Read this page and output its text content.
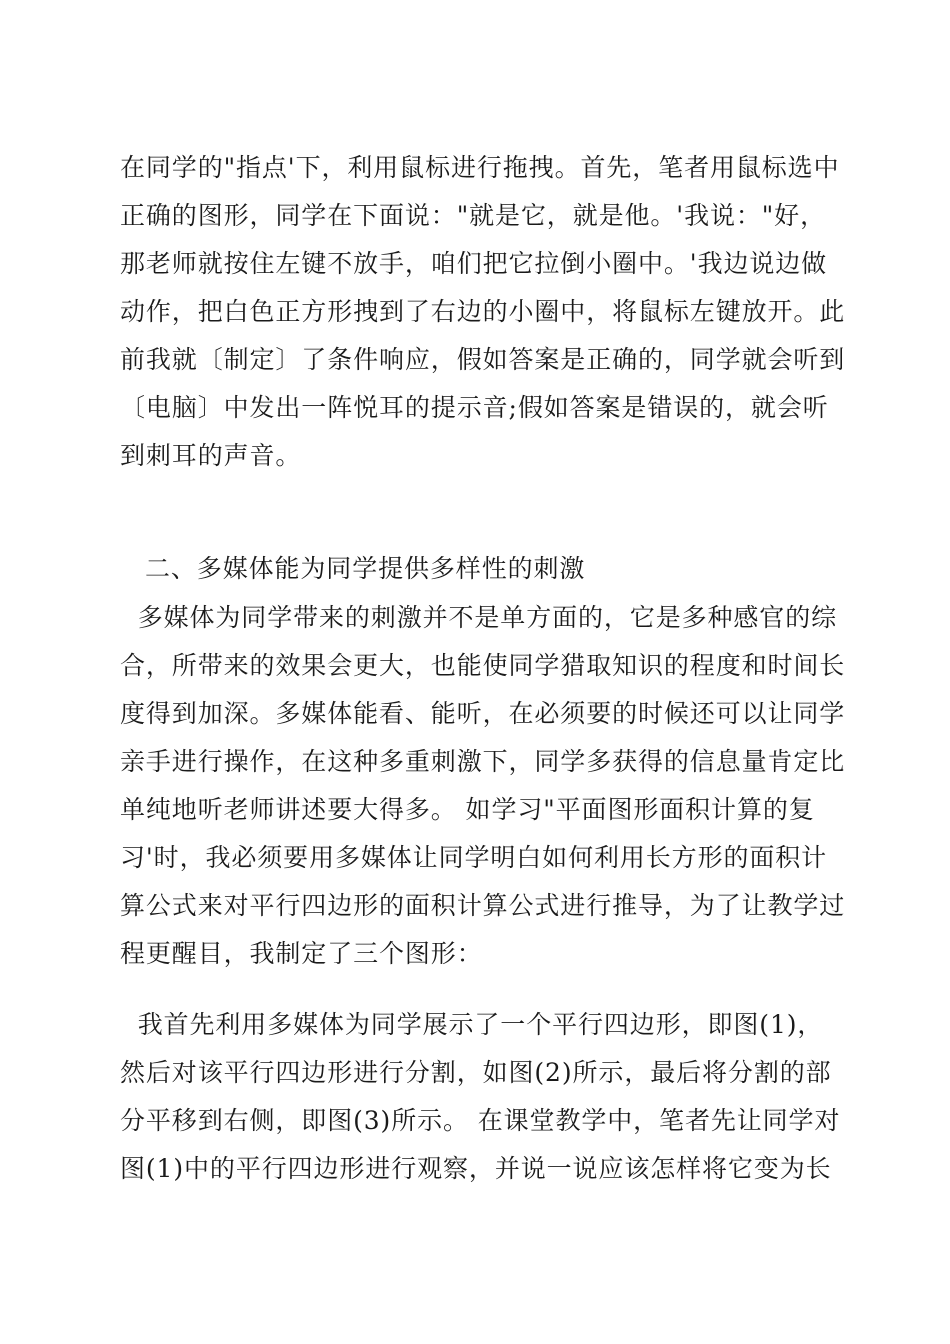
在同学的"指点'下，利用鼠标进行拖拽。首先，笔者用鼠标选中
正确的图形，同学在下面说："就是它，就是他。'我说："好，
那老师就按住左键不放手，咱们把它拉倒小圈中。'我边说边做
动作，把白色正方形拽到了右边的小圈中，将鼠标左键放开。此
前我就〔制定〕了条件响应，假如答案是正确的，同学就会听到
〔电脑〕中发出一阵悦耳的提示音;假如答案是错误的，就会听
到刺耳的声音。
二、多媒体能为同学提供多样性的刺激
多媒体为同学带来的刺激并不是单方面的，它是多种感官的综
合，所带来的效果会更大，也能使同学猎取知识的程度和时间长
度得到加深。多媒体能看、能听，在必须要的时候还可以让同学
亲手进行操作，在这种多重刺激下，同学多获得的信息量肯定比
单纯地听老师讲述要大得多。 如学习"平面图形面积计算的复
习'时，我必须要用多媒体让同学明白如何利用长方形的面积计
算公式来对平行四边形的面积计算公式进行推导，为了让教学过
程更醒目，我制定了三个图形：
我首先利用多媒体为同学展示了一个平行四边形，即图(1)，
然后对该平行四边形进行分割，如图(2)所示，最后将分割的部
分平移到右侧，即图(3)所示。 在课堂教学中，笔者先让同学对
图(1)中的平行四边形进行观察，并说一说应该怎样将它变为长
